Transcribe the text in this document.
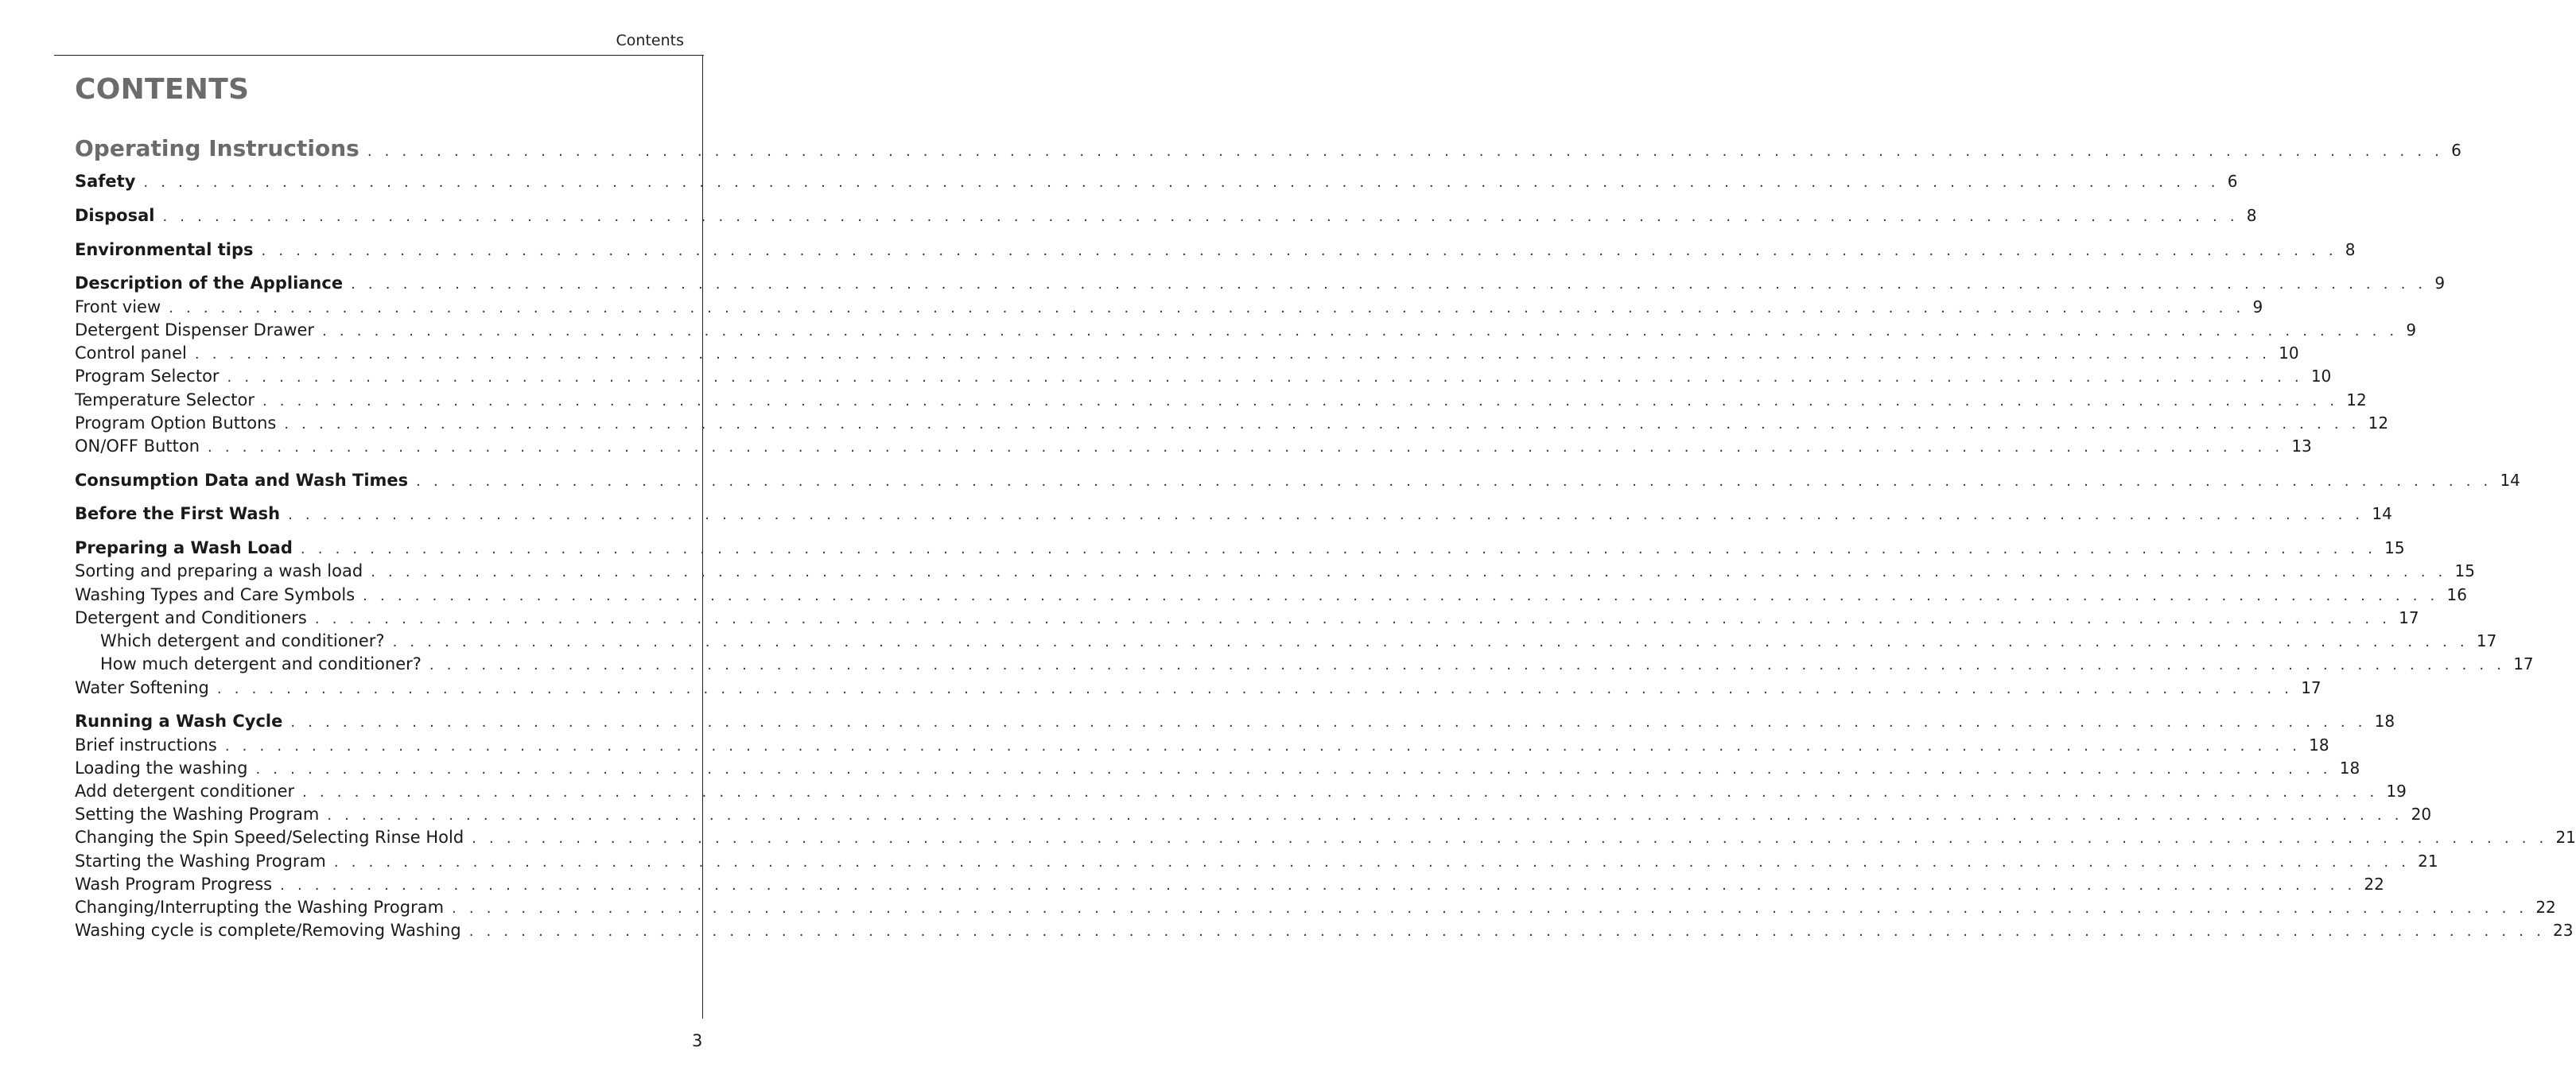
Contents
CONTENTS
Operating Instructions . . . . . . . . . . . . . . . . . . . . . . . . . . . . . . . . . . . . . . . . . . . . . . . . . . . . . . . . . . . . . . . . . . . . . . . . . . . . . . . . . . . . . . . . . . . . . . . . . . . . . . . . . . . . . . . . . . . . . . . . 6
Safety . . . . . . . . . . . . . . . . . . . . . . . . . . . . . . . . . . . . . . . . . . . . . . . . . . . . . . . . . . . . . . . . . . . . . . . . . . . . . . . . . . . . . . . . . . . . . . . . . . . . . . . . . . . . . . . . . . . . . . . . 6
Disposal . . . . . . . . . . . . . . . . . . . . . . . . . . . . . . . . . . . . . . . . . . . . . . . . . . . . . . . . . . . . . . . . . . . . . . . . . . . . . . . . . . . . . . . . . . . . . . . . . . . . . . . . . . . . . . . . . . . . . . . . 8
Environmental tips . . . . . . . . . . . . . . . . . . . . . . . . . . . . . . . . . . . . . . . . . . . . . . . . . . . . . . . . . . . . . . . . . . . . . . . . . . . . . . . . . . . . . . . . . . . . . . . . . . . . . . . . . . . . . . . . . . . . . . . . 8
Description of the Appliance . . . . . . . . . . . . . . . . . . . . . . . . . . . . . . . . . . . . . . . . . . . . . . . . . . . . . . . . . . . . . . . . . . . . . . . . . . . . . . . . . . . . . . . . . . . . . . . . . . . . . . . . . . . . . . . . . . . . . . . . 9
Front view . . . . . . . . . . . . . . . . . . . . . . . . . . . . . . . . . . . . . . . . . . . . . . . . . . . . . . . . . . . . . . . . . . . . . . . . . . . . . . . . . . . . . . . . . . . . . . . . . . . . . . . . . . . . . . . . . . . . . . . . 9
Detergent Dispenser Drawer . . . . . . . . . . . . . . . . . . . . . . . . . . . . . . . . . . . . . . . . . . . . . . . . . . . . . . . . . . . . . . . . . . . . . . . . . . . . . . . . . . . . . . . . . . . . . . . . . . . . . . . . . . . . . . . . . . . . . . . . 9
Control panel . . . . . . . . . . . . . . . . . . . . . . . . . . . . . . . . . . . . . . . . . . . . . . . . . . . . . . . . . . . . . . . . . . . . . . . . . . . . . . . . . . . . . . . . . . . . . . . . . . . . . . . . . . . . . . . . . . . . . . . . 10
Program Selector . . . . . . . . . . . . . . . . . . . . . . . . . . . . . . . . . . . . . . . . . . . . . . . . . . . . . . . . . . . . . . . . . . . . . . . . . . . . . . . . . . . . . . . . . . . . . . . . . . . . . . . . . . . . . . . . . . . . . . . . 10
Temperature Selector . . . . . . . . . . . . . . . . . . . . . . . . . . . . . . . . . . . . . . . . . . . . . . . . . . . . . . . . . . . . . . . . . . . . . . . . . . . . . . . . . . . . . . . . . . . . . . . . . . . . . . . . . . . . . . . . . . . . . . . . 12
Program Option Buttons . . . . . . . . . . . . . . . . . . . . . . . . . . . . . . . . . . . . . . . . . . . . . . . . . . . . . . . . . . . . . . . . . . . . . . . . . . . . . . . . . . . . . . . . . . . . . . . . . . . . . . . . . . . . . . . . . . . . . . . . 12
ON/OFF Button . . . . . . . . . . . . . . . . . . . . . . . . . . . . . . . . . . . . . . . . . . . . . . . . . . . . . . . . . . . . . . . . . . . . . . . . . . . . . . . . . . . . . . . . . . . . . . . . . . . . . . . . . . . . . . . . . . . . . . . . 13
Consumption Data and Wash Times . . . . . . . . . . . . . . . . . . . . . . . . . . . . . . . . . . . . . . . . . . . . . . . . . . . . . . . . . . . . . . . . . . . . . . . . . . . . . . . . . . . . . . . . . . . . . . . . . . . . . . . . . . . . . . . . . . . . . . . . 14
Before the First Wash . . . . . . . . . . . . . . . . . . . . . . . . . . . . . . . . . . . . . . . . . . . . . . . . . . . . . . . . . . . . . . . . . . . . . . . . . . . . . . . . . . . . . . . . . . . . . . . . . . . . . . . . . . . . . . . . . . . . . . . . 14
Preparing a Wash Load . . . . . . . . . . . . . . . . . . . . . . . . . . . . . . . . . . . . . . . . . . . . . . . . . . . . . . . . . . . . . . . . . . . . . . . . . . . . . . . . . . . . . . . . . . . . . . . . . . . . . . . . . . . . . . . . . . . . . . . . 15
Sorting and preparing a wash load . . . . . . . . . . . . . . . . . . . . . . . . . . . . . . . . . . . . . . . . . . . . . . . . . . . . . . . . . . . . . . . . . . . . . . . . . . . . . . . . . . . . . . . . . . . . . . . . . . . . . . . . . . . . . . . . . . . . . . . . 15
Washing Types and Care Symbols . . . . . . . . . . . . . . . . . . . . . . . . . . . . . . . . . . . . . . . . . . . . . . . . . . . . . . . . . . . . . . . . . . . . . . . . . . . . . . . . . . . . . . . . . . . . . . . . . . . . . . . . . . . . . . . . . . . . . . . . 16
Detergent and Conditioners . . . . . . . . . . . . . . . . . . . . . . . . . . . . . . . . . . . . . . . . . . . . . . . . . . . . . . . . . . . . . . . . . . . . . . . . . . . . . . . . . . . . . . . . . . . . . . . . . . . . . . . . . . . . . . . . . . . . . . . . 17
Which detergent and conditioner? . . . . . . . . . . . . . . . . . . . . . . . . . . . . . . . . . . . . . . . . . . . . . . . . . . . . . . . . . . . . . . . . . . . . . . . . . . . . . . . . . . . . . . . . . . . . . . . . . . . . . . . . . . . . . . . . . . . . . . . . 17
How much detergent and conditioner? . . . . . . . . . . . . . . . . . . . . . . . . . . . . . . . . . . . . . . . . . . . . . . . . . . . . . . . . . . . . . . . . . . . . . . . . . . . . . . . . . . . . . . . . . . . . . . . . . . . . . . . . . . . . . . . . . . . . . . . . 17
Water Softening . . . . . . . . . . . . . . . . . . . . . . . . . . . . . . . . . . . . . . . . . . . . . . . . . . . . . . . . . . . . . . . . . . . . . . . . . . . . . . . . . . . . . . . . . . . . . . . . . . . . . . . . . . . . . . . . . . . . . . . . 17
Running a Wash Cycle . . . . . . . . . . . . . . . . . . . . . . . . . . . . . . . . . . . . . . . . . . . . . . . . . . . . . . . . . . . . . . . . . . . . . . . . . . . . . . . . . . . . . . . . . . . . . . . . . . . . . . . . . . . . . . . . . . . . . . . . 18
Brief instructions . . . . . . . . . . . . . . . . . . . . . . . . . . . . . . . . . . . . . . . . . . . . . . . . . . . . . . . . . . . . . . . . . . . . . . . . . . . . . . . . . . . . . . . . . . . . . . . . . . . . . . . . . . . . . . . . . . . . . . . . 18
Loading the washing . . . . . . . . . . . . . . . . . . . . . . . . . . . . . . . . . . . . . . . . . . . . . . . . . . . . . . . . . . . . . . . . . . . . . . . . . . . . . . . . . . . . . . . . . . . . . . . . . . . . . . . . . . . . . . . . . . . . . . . . 18
Add detergent conditioner . . . . . . . . . . . . . . . . . . . . . . . . . . . . . . . . . . . . . . . . . . . . . . . . . . . . . . . . . . . . . . . . . . . . . . . . . . . . . . . . . . . . . . . . . . . . . . . . . . . . . . . . . . . . . . . . . . . . . . . . 19
Setting the Washing Program . . . . . . . . . . . . . . . . . . . . . . . . . . . . . . . . . . . . . . . . . . . . . . . . . . . . . . . . . . . . . . . . . . . . . . . . . . . . . . . . . . . . . . . . . . . . . . . . . . . . . . . . . . . . . . . . . . . . . . . . 20
Changing the Spin Speed/Selecting Rinse Hold . . . . . . . . . . . . . . . . . . . . . . . . . . . . . . . . . . . . . . . . . . . . . . . . . . . . . . . . . . . . . . . . . . . . . . . . . . . . . . . . . . . . . . . . . . . . . . . . . . . . . . . . . . . . . . . . . . . . . . . . 21
Starting the Washing Program . . . . . . . . . . . . . . . . . . . . . . . . . . . . . . . . . . . . . . . . . . . . . . . . . . . . . . . . . . . . . . . . . . . . . . . . . . . . . . . . . . . . . . . . . . . . . . . . . . . . . . . . . . . . . . . . . . . . . . . . 21
Wash Program Progress . . . . . . . . . . . . . . . . . . . . . . . . . . . . . . . . . . . . . . . . . . . . . . . . . . . . . . . . . . . . . . . . . . . . . . . . . . . . . . . . . . . . . . . . . . . . . . . . . . . . . . . . . . . . . . . . . . . . . . . . 22
Changing/Interrupting the Washing Program . . . . . . . . . . . . . . . . . . . . . . . . . . . . . . . . . . . . . . . . . . . . . . . . . . . . . . . . . . . . . . . . . . . . . . . . . . . . . . . . . . . . . . . . . . . . . . . . . . . . . . . . . . . . . . . . . . . . . . . . 22
Washing cycle is complete/Removing Washing . . . . . . . . . . . . . . . . . . . . . . . . . . . . . . . . . . . . . . . . . . . . . . . . . . . . . . . . . . . . . . . . . . . . . . . . . . . . . . . . . . . . . . . . . . . . . . . . . . . . . . . . . . . . . . . . . . . . . . . . 23
3
